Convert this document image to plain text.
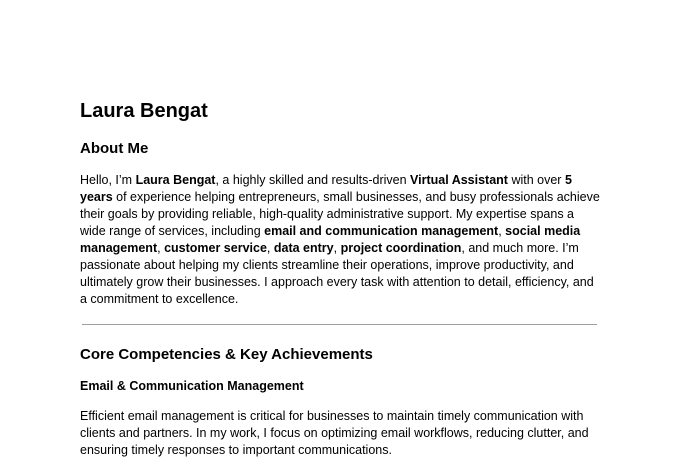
Laura Bengat
About Me

Hello, I’m Laura Bengat, a highly skilled and results-driven Virtual Assistant with over 5 years of experience helping entrepreneurs, small businesses, and busy professionals achieve their goals by providing reliable, high-quality administrative support. My expertise spans a wide range of services, including email and communication management, social media management, customer service, data entry, project coordination, and much more. I’m passionate about helping my clients streamline their operations, improve productivity, and ultimately grow their businesses. I approach every task with attention to detail, efficiency, and a commitment to excellence.

Core Competencies & Key Achievements
Email & Communication Management

Efficient email management is critical for businesses to maintain timely communication with clients and partners. In my work, I focus on optimizing email workflows, reducing clutter, and ensuring timely responses to important communications.
